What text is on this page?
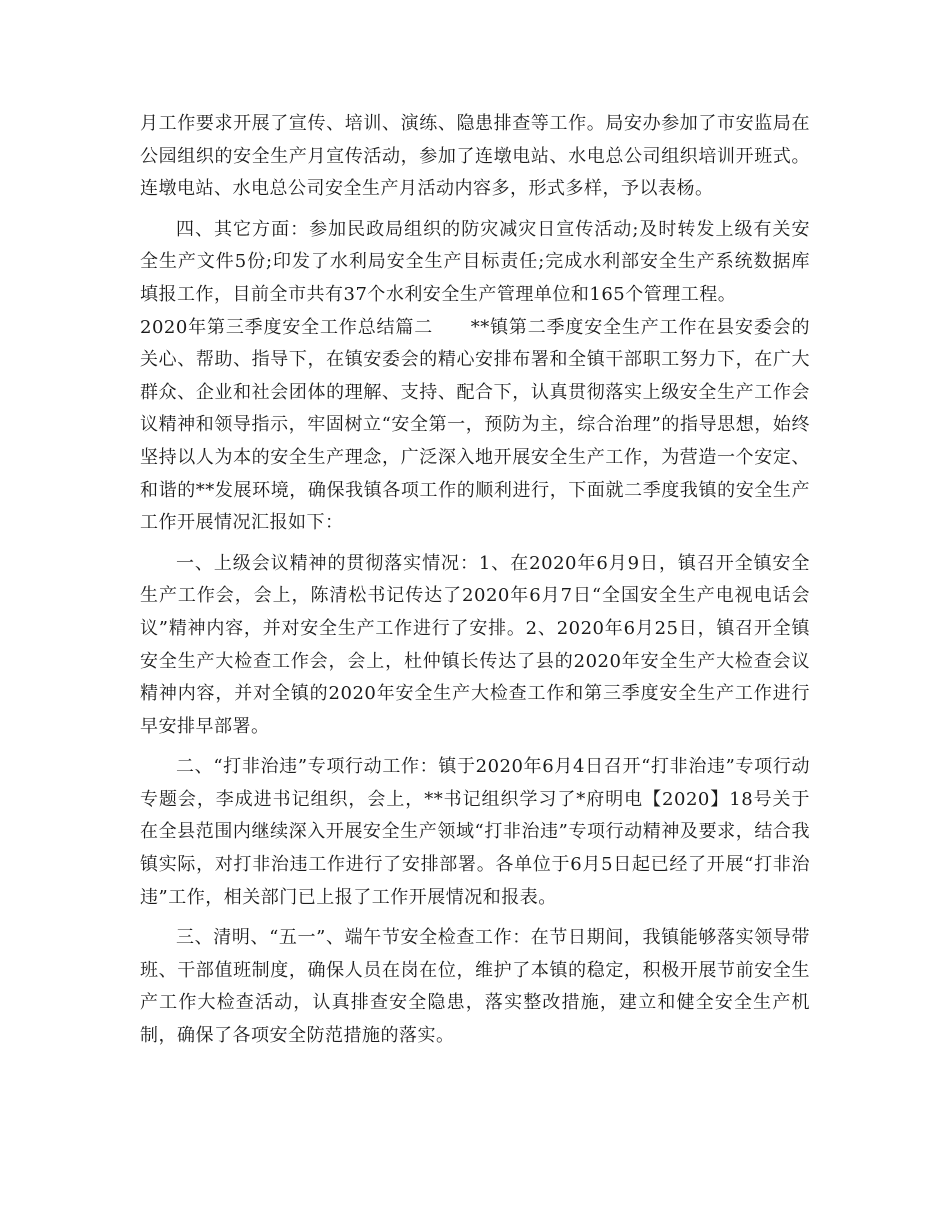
月工作要求开展了宣传、培训、演练、隐患排查等工作。局安办参加了市安监局在公园组织的安全生产月宣传活动，参加了连墩电站、水电总公司组织培训开班式。连墩电站、水电总公司安全生产月活动内容多，形式多样，予以表杨。

四、其它方面：参加民政局组织的防灾减灾日宣传活动;及时转发上级有关安全生产文件5份;印发了水利局安全生产目标责任;完成水利部安全生产系统数据库填报工作，目前全市共有37个水利安全生产管理单位和165个管理工程。

2020年第三季度安全工作总结篇二　　**镇第二季度安全生产工作在县安委会的关心、帮助、指导下，在镇安委会的精心安排布署和全镇干部职工努力下，在广大群众、企业和社会团体的理解、支持、配合下，认真贯彻落实上级安全生产工作会议精神和领导指示，牢固树立“安全第一，预防为主，综合治理”的指导思想，始终坚持以人为本的安全生产理念，广泛深入地开展安全生产工作，为营造一个安定、和谐的**发展环境，确保我镇各项工作的顺利进行，下面就二季度我镇的安全生产工作开展情况汇报如下：

一、上级会议精神的贯彻落实情况：1、在2020年6月9日，镇召开全镇安全生产工作会，会上，陈清松书记传达了2020年6月7日“全国安全生产电视电话会议”精神内容，并对安全生产工作进行了安排。2、2020年6月25日，镇召开全镇安全生产大检查工作会，会上，杜仲镇长传达了县的2020年安全生产大检查会议精神内容，并对全镇的2020年安全生产大检查工作和第三季度安全生产工作进行早安排早部署。

二、“打非治违”专项行动工作：镇于2020年6月4日召开“打非治违”专项行动专题会，李成进书记组织，会上，**书记组织学习了*府明电【2020】18号关于在全县范围内继续深入开展安全生产领域“打非治违”专项行动精神及要求，结合我镇实际，对打非治违工作进行了安排部署。各单位于6月5日起已经了开展“打非治违”工作，相关部门已上报了工作开展情况和报表。

三、清明、“五一”、端午节安全检查工作：在节日期间，我镇能够落实领导带班、干部值班制度，确保人员在岗在位，维护了本镇的稳定，积极开展节前安全生产工作大检查活动，认真排查安全隐患，落实整改措施，建立和健全安全生产机制，确保了各项安全防范措施的落实。
